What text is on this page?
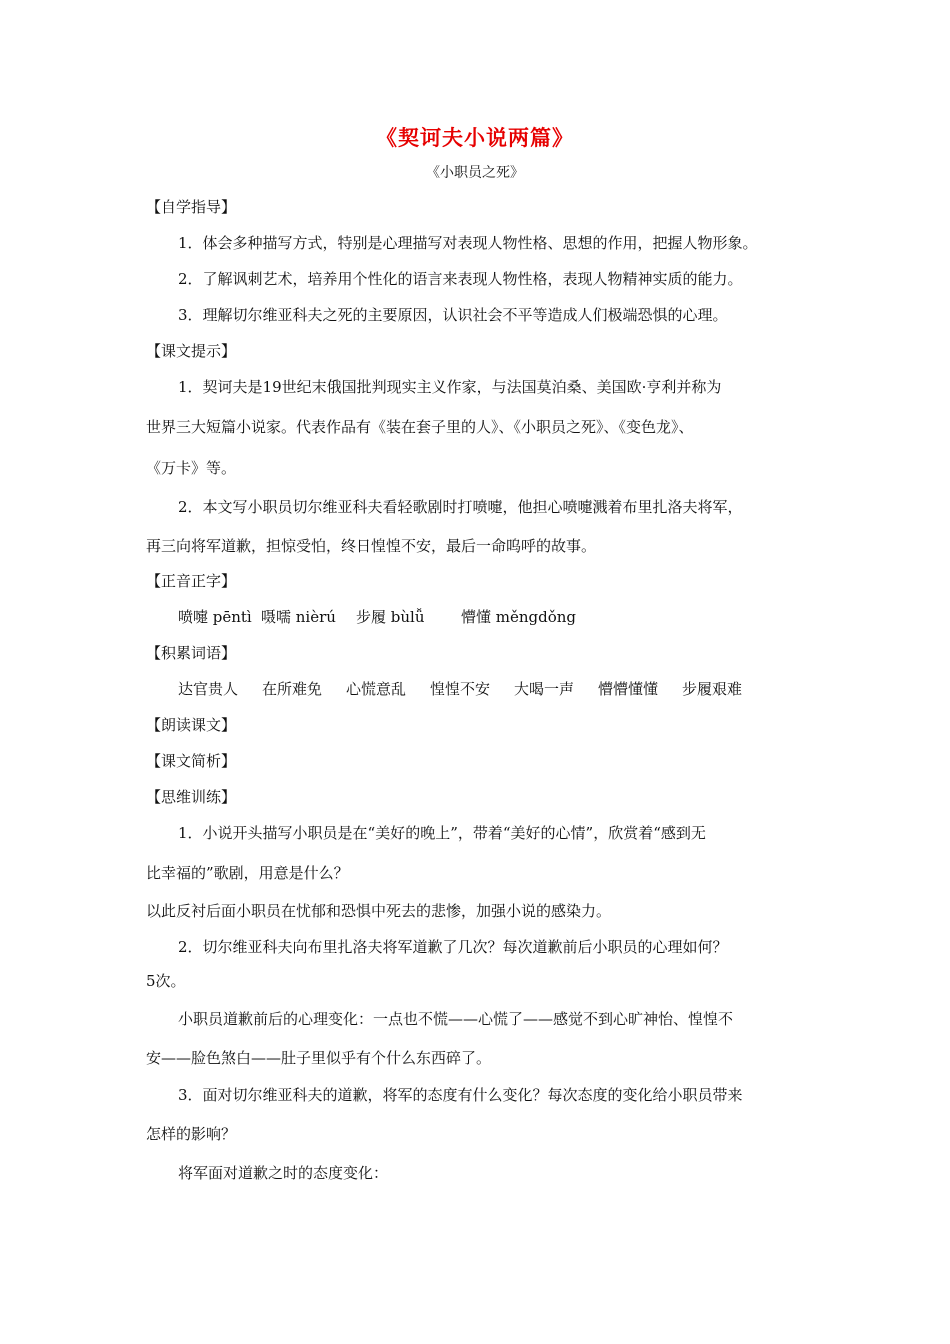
《契诃夫小说两篇》
《小职员之死》
【自学指导】
1．体会多种描写方式，特别是心理描写对表现人物性格、思想的作用，把握人物形象。
2．了解讽刺艺术，培养用个性化的语言来表现人物性格，表现人物精神实质的能力。
3．理解切尔维亚科夫之死的主要原因，认识社会不平等造成人们极端恐惧的心理。
【课文提示】
1．契诃夫是19世纪末俄国批判现实主义作家，与法国莫泊桑、美国欧·亨利并称为
世界三大短篇小说家。代表作品有《装在套子里的人》、《小职员之死》、《变色龙》、
《万卡》等。
2．本文写小职员切尔维亚科夫看轻歌剧时打喷嚏，他担心喷嚏溅着布里扎洛夫将军，
再三向将军道歉，担惊受怕，终日惶惶不安，最后一命呜呼的故事。
【正音正字】
喷嚏 pēntì 嗫嚅 nièrú 步履 bùlǚ 懵懂 měngdǒng
【积累词语】
达官贵人 在所难免 心慌意乱 惶惶不安 大喝一声 懵懵懂懂 步履艰难
【朗读课文】
【课文简析】
【思维训练】
1．小说开头描写小职员是在“美好的晚上”，带着“美好的心情”，欣赏着“感到无
比幸福的”歌剧，用意是什么？
以此反衬后面小职员在忧郁和恐惧中死去的悲惨，加强小说的感染力。
2．切尔维亚科夫向布里扎洛夫将军道歉了几次？每次道歉前后小职员的心理如何？
5次。
小职员道歉前后的心理变化：一点也不慌——心慌了——感觉不到心旷神怡、惶惶不
安——脸色煞白——肚子里似乎有个什么东西碎了。
3．面对切尔维亚科夫的道歉，将军的态度有什么变化？每次态度的变化给小职员带来
怎样的影响？
将军面对道歉之时的态度变化：
